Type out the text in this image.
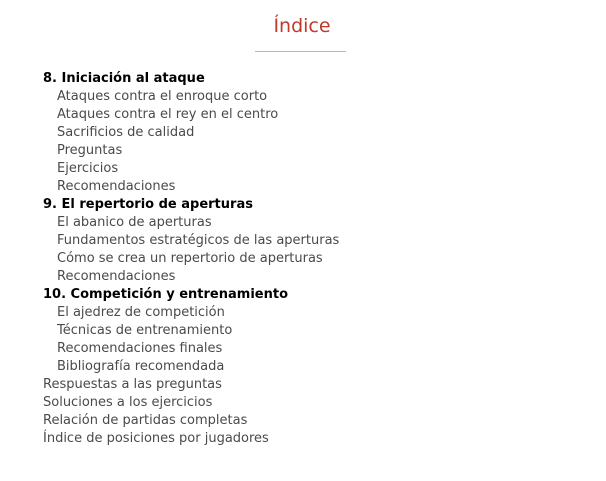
Índice
8. Iniciación al ataque
Ataques contra el enroque corto
Ataques contra el rey en el centro
Sacrificios de calidad
Preguntas
Ejercicios
Recomendaciones
9. El repertorio de aperturas
El abanico de aperturas
Fundamentos estratégicos de las aperturas
Cómo se crea un repertorio de aperturas
Recomendaciones
10. Competición y entrenamiento
El ajedrez de competición
Técnicas de entrenamiento
Recomendaciones finales
Bibliografía recomendada
Respuestas a las preguntas
Soluciones a los ejercicios
Relación de partidas completas
Índice de posiciones por jugadores
